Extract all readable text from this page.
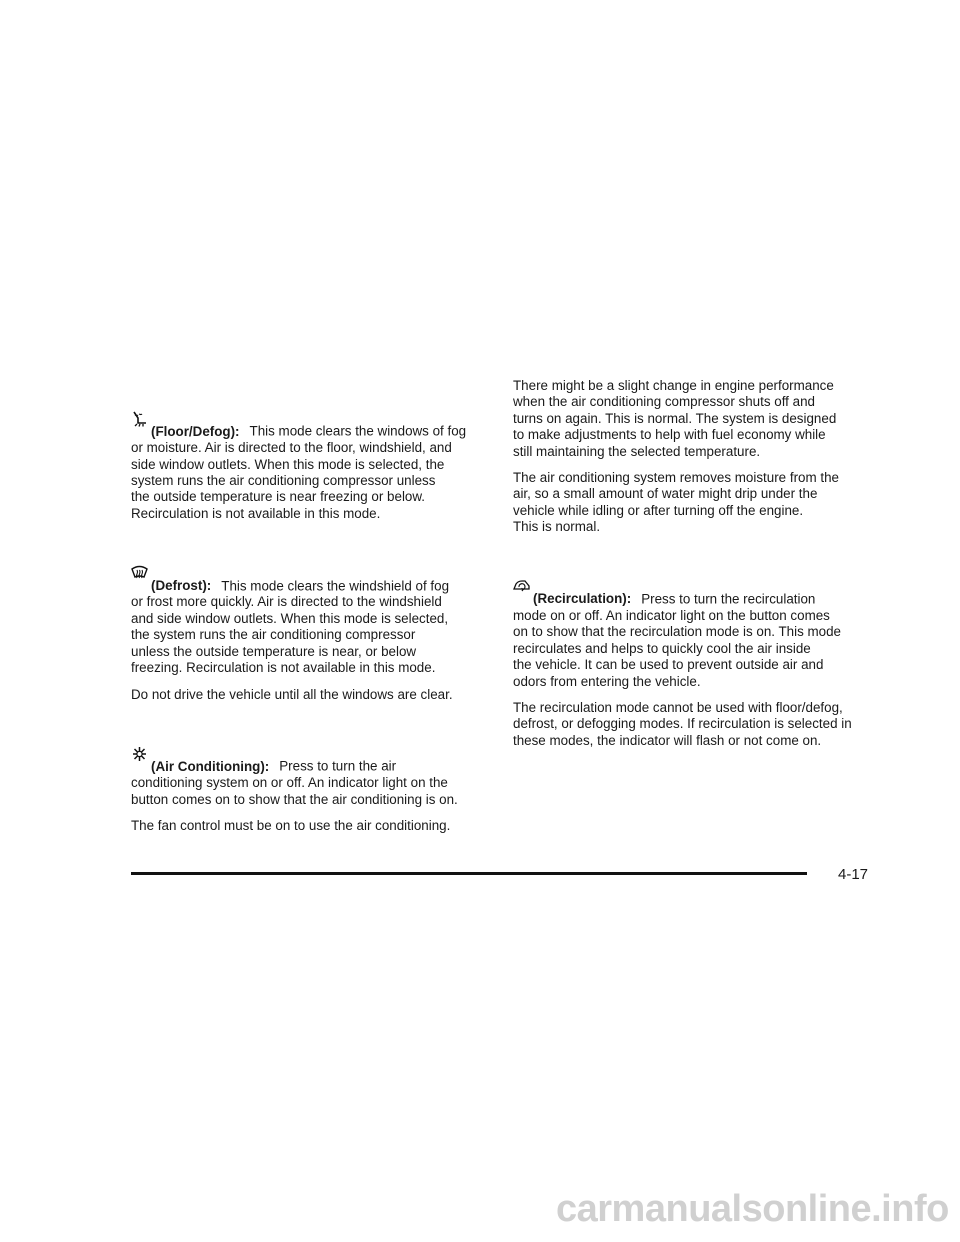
(Floor/Defog): This mode clears the windows of fog
or moisture. Air is directed to the floor, windshield, and
side window outlets. When this mode is selected, the
system runs the air conditioning compressor unless
the outside temperature is near freezing or below.
Recirculation is not available in this mode.

(Defrost): This mode clears the windshield of fog
or frost more quickly. Air is directed to the windshield
and side window outlets. When this mode is selected,
the system runs the air conditioning compressor
unless the outside temperature is near, or below
freezing. Recirculation is not available in this mode.

Do not drive the vehicle until all the windows are clear.

(Air Conditioning): Press to turn the air
conditioning system on or off. An indicator light on the
button comes on to show that the air conditioning is on.

The fan control must be on to use the air conditioning.
There might be a slight change in engine performance
when the air conditioning compressor shuts off and
turns on again. This is normal. The system is designed
to make adjustments to help with fuel economy while
still maintaining the selected temperature.
The air conditioning system removes moisture from the
air, so a small amount of water might drip under the
vehicle while idling or after turning off the engine.
This is normal.

(Recirculation): Press to turn the recirculation
mode on or off. An indicator light on the button comes
on to show that the recirculation mode is on. This mode
recirculates and helps to quickly cool the air inside
the vehicle. It can be used to prevent outside air and
odors from entering the vehicle.

The recirculation mode cannot be used with floor/defog,
defrost, or defogging modes. If recirculation is selected in
these modes, the indicator will flash or not come on.
4-17
carmanualsonline.info
